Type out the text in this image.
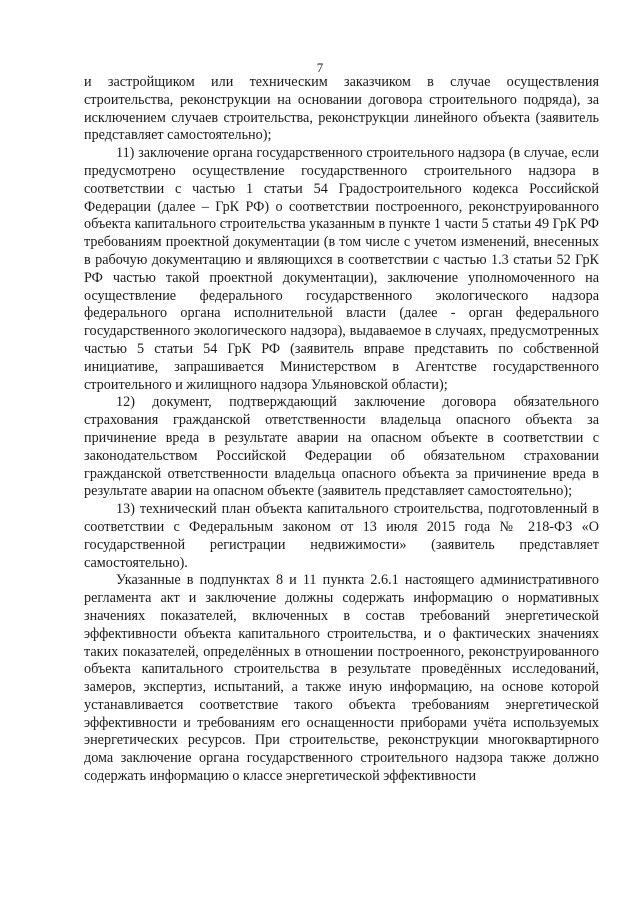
7

и застройщиком или техническим заказчиком в случае осуществления строительства, реконструкции на основании договора строительного подряда), за исключением случаев строительства, реконструкции линейного объекта (заявитель представляет самостоятельно);

11) заключение органа государственного строительного надзора (в случае, если предусмотрено осуществление государственного строительного надзора в соответствии с частью 1 статьи 54 Градостроительного кодекса Российской Федерации (далее – ГрК РФ) о соответствии построенного, реконструированного объекта капитального строительства указанным в пункте 1 части 5 статьи 49 ГрК РФ требованиям проектной документации (в том числе с учетом изменений, внесенных в рабочую документацию и являющихся в соответствии с частью 1.3 статьи 52 ГрК РФ частью такой проектной документации), заключение уполномоченного на осуществление федерального государственного экологического надзора федерального органа исполнительной власти (далее - орган федерального государственного экологического надзора), выдаваемое в случаях, предусмотренных частью 5 статьи 54 ГрК РФ (заявитель вправе представить по собственной инициативе, запрашивается Министерством в Агентстве государственного строительного и жилищного надзора Ульяновской области);

12) документ, подтверждающий заключение договора обязательного страхования гражданской ответственности владельца опасного объекта за причинение вреда в результате аварии на опасном объекте в соответствии с законодательством Российской Федерации об обязательном страховании гражданской ответственности владельца опасного объекта за причинение вреда в результате аварии на опасном объекте (заявитель представляет самостоятельно);

13) технический план объекта капитального строительства, подготовленный в соответствии с Федеральным законом от 13 июля 2015 года № 218-ФЗ «О государственной регистрации недвижимости» (заявитель представляет самостоятельно).

Указанные в подпунктах 8 и 11 пункта 2.6.1 настоящего административного регламента акт и заключение должны содержать информацию о нормативных значениях показателей, включенных в состав требований энергетической эффективности объекта капитального строительства, и о фактических значениях таких показателей, определённых в отношении построенного, реконструированного объекта капитального строительства в результате проведённых исследований, замеров, экспертиз, испытаний, а также иную информацию, на основе которой устанавливается соответствие такого объекта требованиям энергетической эффективности и требованиям его оснащенности приборами учёта используемых энергетических ресурсов. При строительстве, реконструкции многоквартирного дома заключение органа государственного строительного надзора также должно содержать информацию о классе энергетической эффективности
